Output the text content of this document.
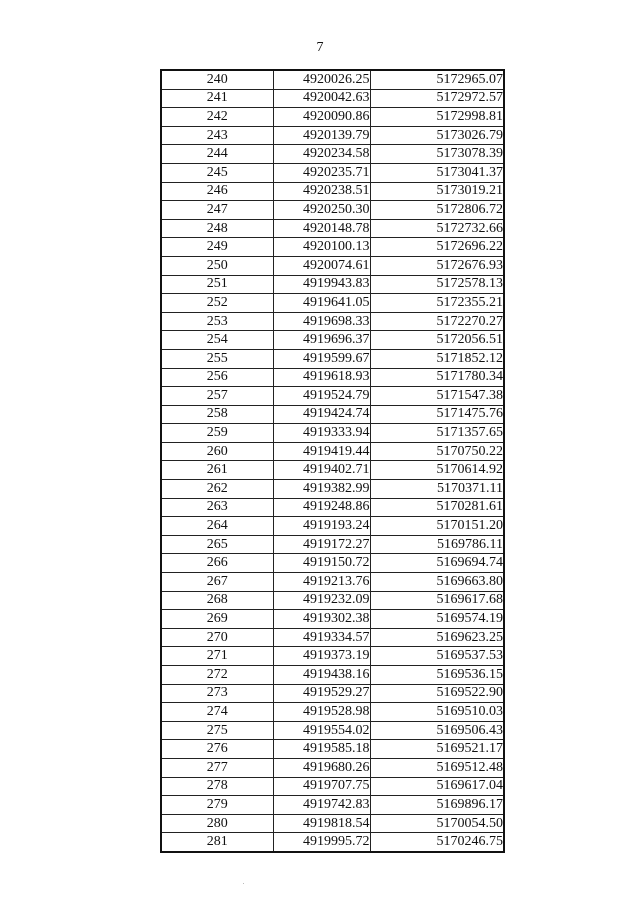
7
240	4920026.25	5172965.07
241	4920042.63	5172972.57
242	4920090.86	5172998.81
243	4920139.79	5173026.79
244	4920234.58	5173078.39
245	4920235.71	5173041.37
246	4920238.51	5173019.21
247	4920250.30	5172806.72
248	4920148.78	5172732.66
249	4920100.13	5172696.22
250	4920074.61	5172676.93
251	4919943.83	5172578.13
252	4919641.05	5172355.21
253	4919698.33	5172270.27
254	4919696.37	5172056.51
255	4919599.67	5171852.12
256	4919618.93	5171780.34
257	4919524.79	5171547.38
258	4919424.74	5171475.76
259	4919333.94	5171357.65
260	4919419.44	5170750.22
261	4919402.71	5170614.92
262	4919382.99	5170371.11
263	4919248.86	5170281.61
264	4919193.24	5170151.20
265	4919172.27	5169786.11
266	4919150.72	5169694.74
267	4919213.76	5169663.80
268	4919232.09	5169617.68
269	4919302.38	5169574.19
270	4919334.57	5169623.25
271	4919373.19	5169537.53
272	4919438.16	5169536.15
273	4919529.27	5169522.90
274	4919528.98	5169510.03
275	4919554.02	5169506.43
276	4919585.18	5169521.17
277	4919680.26	5169512.48
278	4919707.75	5169617.04
279	4919742.83	5169896.17
280	4919818.54	5170054.50
281	4919995.72	5170246.75
